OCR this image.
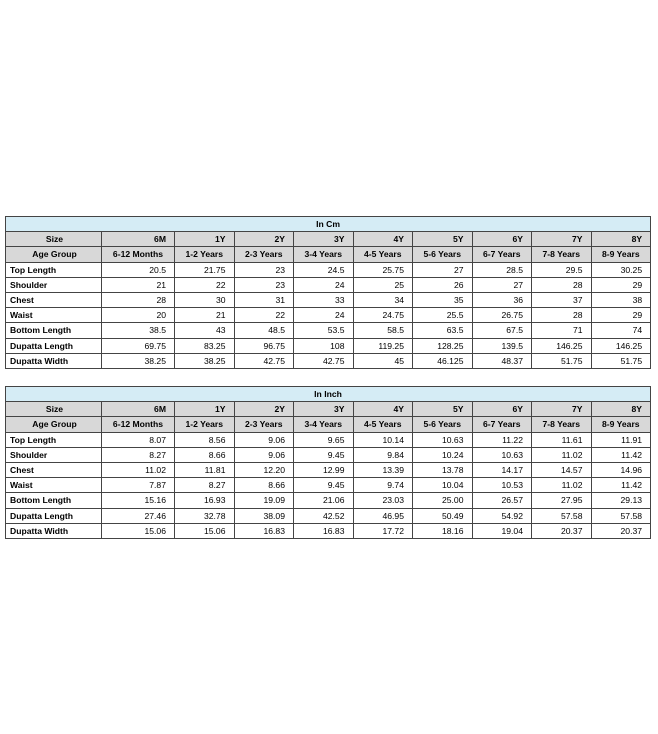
In Cm									
Size	6M	1Y	2Y	3Y	4Y	5Y	6Y	7Y	8Y
Age Group	6-12 Months	1-2 Years	2-3 Years	3-4 Years	4-5 Years	5-6 Years	6-7 Years	7-8 Years	8-9 Years
Top Length	20.5	21.75	23	24.5	25.75	27	28.5	29.5	30.25
Shoulder	21	22	23	24	25	26	27	28	29
Chest	28	30	31	33	34	35	36	37	38
Waist	20	21	22	24	24.75	25.5	26.75	28	29
Bottom Length	38.5	43	48.5	53.5	58.5	63.5	67.5	71	74
Dupatta Length	69.75	83.25	96.75	108	119.25	128.25	139.5	146.25	146.25
Dupatta Width	38.25	38.25	42.75	42.75	45	46.125	48.37	51.75	51.75
In Inch									
Size	6M	1Y	2Y	3Y	4Y	5Y	6Y	7Y	8Y
Age Group	6-12 Months	1-2 Years	2-3 Years	3-4 Years	4-5 Years	5-6 Years	6-7 Years	7-8 Years	8-9 Years
Top Length	8.07	8.56	9.06	9.65	10.14	10.63	11.22	11.61	11.91
Shoulder	8.27	8.66	9.06	9.45	9.84	10.24	10.63	11.02	11.42
Chest	11.02	11.81	12.20	12.99	13.39	13.78	14.17	14.57	14.96
Waist	7.87	8.27	8.66	9.45	9.74	10.04	10.53	11.02	11.42
Bottom Length	15.16	16.93	19.09	21.06	23.03	25.00	26.57	27.95	29.13
Dupatta Length	27.46	32.78	38.09	42.52	46.95	50.49	54.92	57.58	57.58
Dupatta Width	15.06	15.06	16.83	16.83	17.72	18.16	19.04	20.37	20.37
